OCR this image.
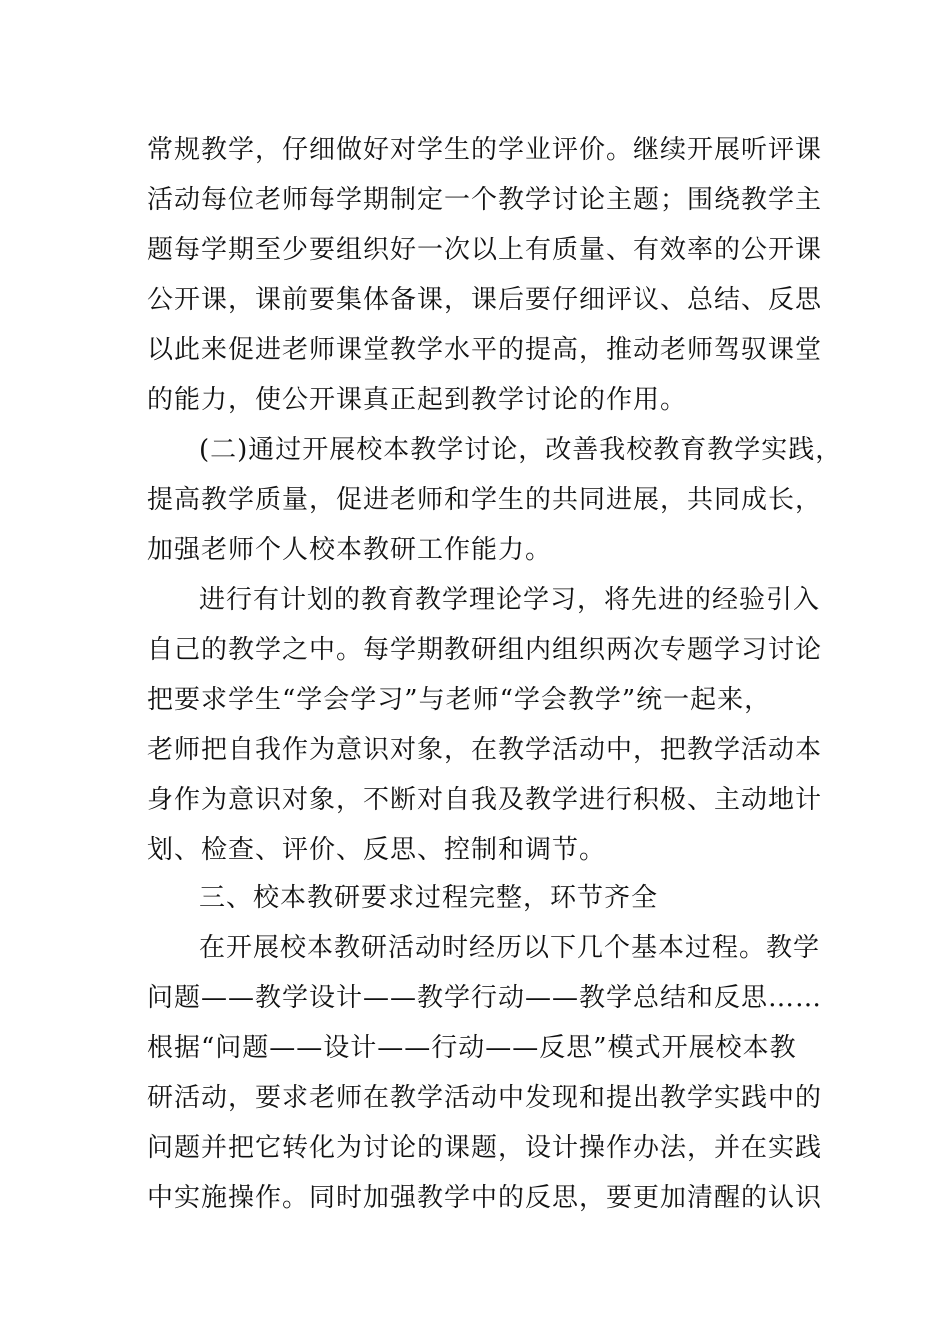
常规教学，仔细做好对学生的学业评价。继续开展听评课

活动每位老师每学期制定一个教学讨论主题；围绕教学主

题每学期至少要组织好一次以上有质量、有效率的公开课

公开课，课前要集体备课，课后要仔细评议、总结、反思

以此来促进老师课堂教学水平的提高，推动老师驾驭课堂

的能力，使公开课真正起到教学讨论的作用。

(二)通过开展校本教学讨论，改善我校教育教学实践，

提高教学质量，促进老师和学生的共同进展，共同成长，

加强老师个人校本教研工作能力。

进行有计划的教育教学理论学习，将先进的经验引入

自己的教学之中。每学期教研组内组织两次专题学习讨论

把要求学生“学会学习”与老师“学会教学”统一起来，

老师把自我作为意识对象，在教学活动中，把教学活动本

身作为意识对象，不断对自我及教学进行积极、主动地计

划、检查、评价、反思、控制和调节。

三、校本教研要求过程完整，环节齐全

在开展校本教研活动时经历以下几个基本过程。教学

问题——教学设计——教学行动——教学总结和反思……

根据“问题——设计——行动——反思”模式开展校本教

研活动，要求老师在教学活动中发现和提出教学实践中的

问题并把它转化为讨论的课题，设计操作办法，并在实践

中实施操作。同时加强教学中的反思，要更加清醒的认识
